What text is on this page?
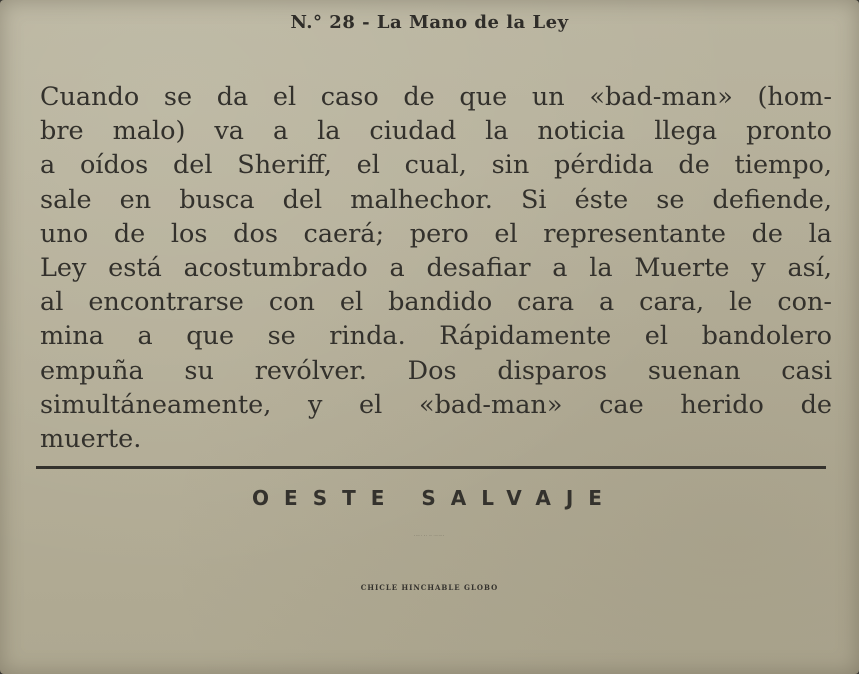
N.° 28 - La Mano de la Ley
Cuando se da el caso de que un «bad-man» (hom-
bre malo) va a la ciudad la noticia llega pronto
a oídos del Sheriff, el cual, sin pérdida de tiempo,
sale en busca del malhechor. Si éste se defiende,
uno de los dos caerá; pero el representante de la
Ley está acostumbrado a desafiar a la Muerte y así,
al encontrarse con el bandido cara a cara, le con-
mina a que se rinda. Rápidamente el bandolero
empuña su revólver. Dos disparos suenan casi
simultáneamente, y el «bad-man» cae herido de
muerte.
OESTE SALVAJE
SERIE DE 48 CROMOS
CHICLE HINCHABLE GLOBO
